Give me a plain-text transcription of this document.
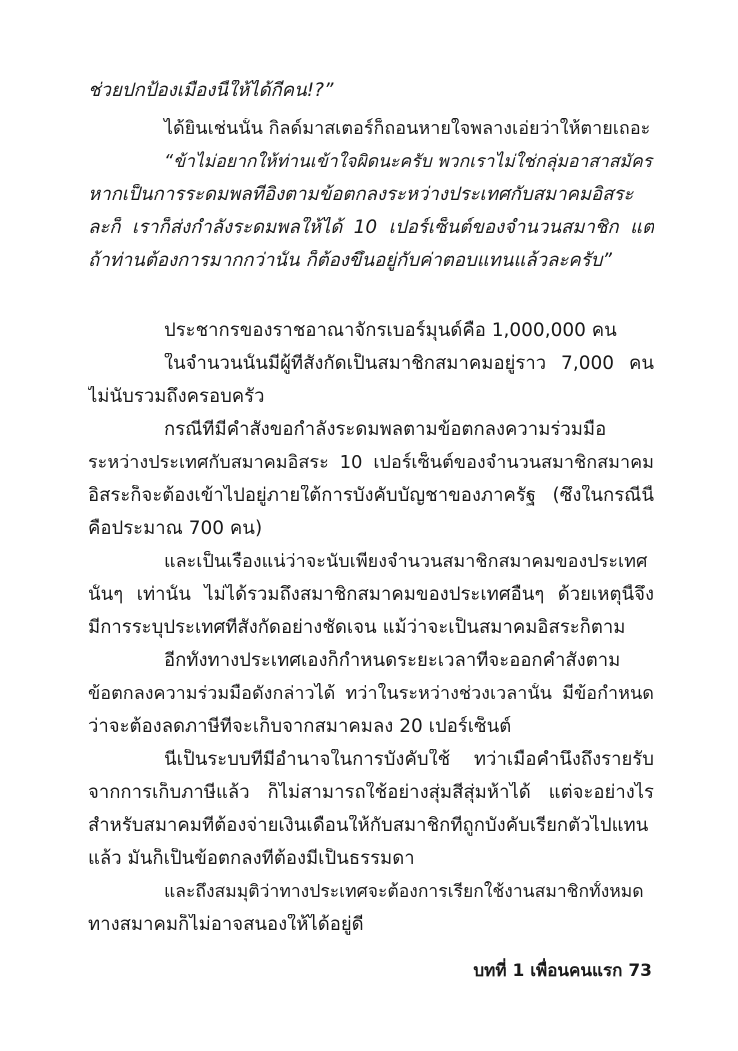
ช่วยปกป้องเมืองนี้ให้ได้กี่คน!?”
ได้ยินเช่นนั้น กิลด์มาสเตอร์ก็ถอนหายใจพลางเอ่ยว่าให้ตายเถอะ
“ข้าไม่อยากให้ท่านเข้าใจผิดนะครับ พวกเราไม่ใช่กลุ่มอาสาสมัคร
หากเป็นการระดมพลที่อิงตามข้อตกลงระหว่างประเทศกับสมาคมอิสระ
ละก็ เราก็ส่งกำลังระดมพลให้ได้ 10 เปอร์เซ็นต์ของจำนวนสมาชิก แต่
ถ้าท่านต้องการมากกว่านั้น ก็ต้องขึ้นอยู่กับค่าตอบแทนแล้วละครับ”
ประชากรของราชอาณาจักรเบอร์มุนด์คือ 1,000,000 คน
ในจำนวนนั้นมีผู้ที่สังกัดเป็นสมาชิกสมาคมอยู่ราว 7,000 คน
ไม่นับรวมถึงครอบครัว
กรณีที่มีคำสั่งขอกำลังระดมพลตามข้อตกลงความร่วมมือ
ระหว่างประเทศกับสมาคมอิสระ 10 เปอร์เซ็นต์ของจำนวนสมาชิกสมาคม
อิสระก็จะต้องเข้าไปอยู่ภายใต้การบังคับบัญชาของภาครัฐ (ซึ่งในกรณีนี้
คือประมาณ 700 คน)
และเป็นเรื่องแน่ว่าจะนับเพียงจำนวนสมาชิกสมาคมของประเทศ
นั้นๆ เท่านั้น ไม่ได้รวมถึงสมาชิกสมาคมของประเทศอื่นๆ ด้วยเหตุนี้จึง
มีการระบุประเทศที่สังกัดอย่างชัดเจน แม้ว่าจะเป็นสมาคมอิสระก็ตาม
อีกทั้งทางประเทศเองก็กำหนดระยะเวลาที่จะออกคำสั่งตาม
ข้อตกลงความร่วมมือดังกล่าวได้ ทว่าในระหว่างช่วงเวลานั้น มีข้อกำหนด
ว่าจะต้องลดภาษีที่จะเก็บจากสมาคมลง 20 เปอร์เซ็นต์
นี่เป็นระบบที่มีอำนาจในการบังคับใช้ ทว่าเมื่อคำนึงถึงรายรับ
จากการเก็บภาษีแล้ว ก็ไม่สามารถใช้อย่างสุ่มสี่สุ่มห้าได้ แต่จะอย่างไร
สำหรับสมาคมที่ต้องจ่ายเงินเดือนให้กับสมาชิกที่ถูกบังคับเรียกตัวไปแทน
แล้ว มันก็เป็นข้อตกลงที่ต้องมีเป็นธรรมดา
และถึงสมมุติว่าทางประเทศจะต้องการเรียกใช้งานสมาชิกทั้งหมด
ทางสมาคมก็ไม่อาจสนองให้ได้อยู่ดี
บทที่ 1 เพื่อนคนแรก 73
